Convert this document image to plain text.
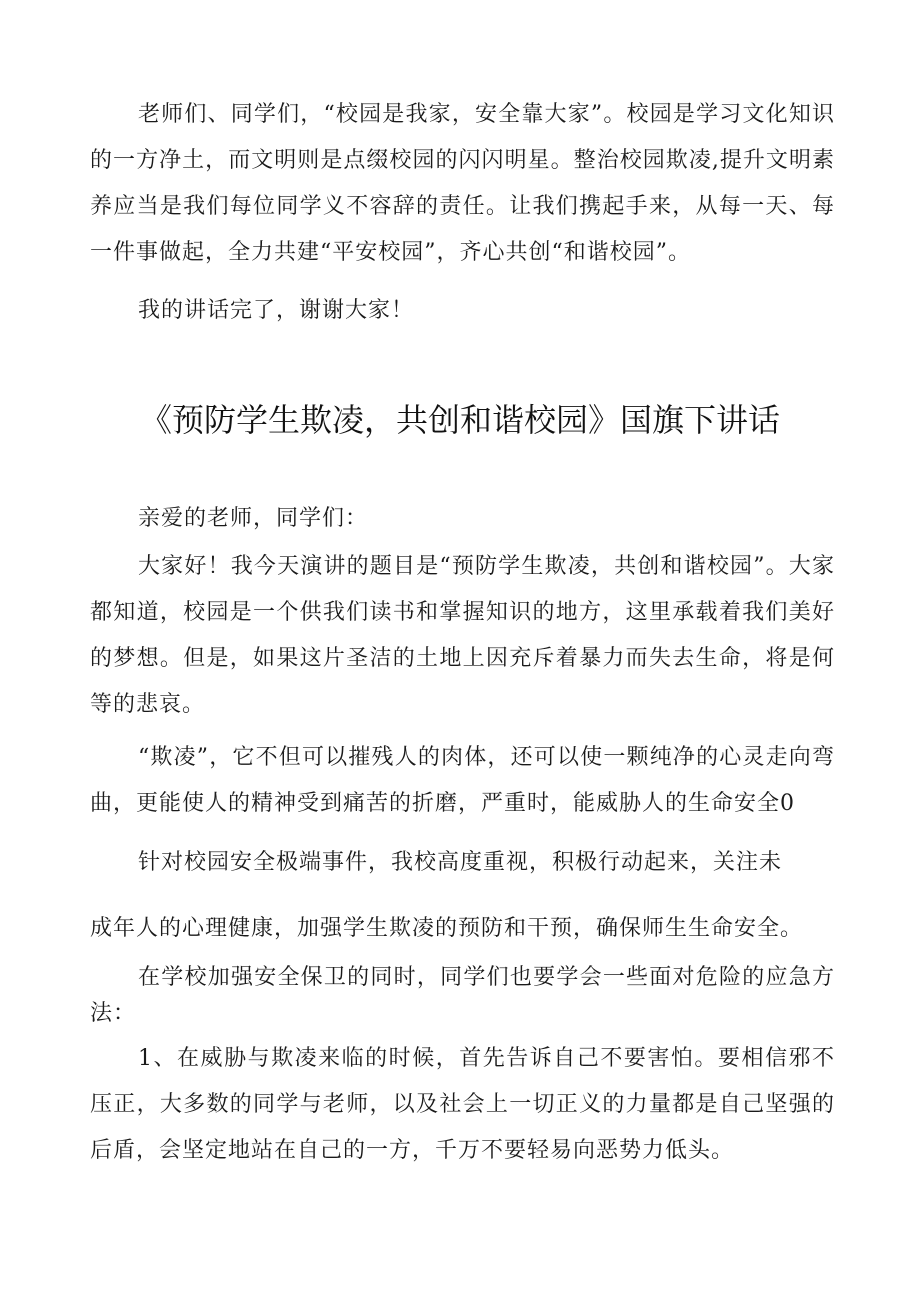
老师们、同学们，“校园是我家，安全靠大家”。校园是学习文化知识的一方净土，而文明则是点缀校园的闪闪明星。整治校园欺凌,提升文明素养应当是我们每位同学义不容辞的责任。让我们携起手来，从每一天、每一件事做起，全力共建“平安校园”，齐心共创“和谐校园”。

我的讲话完了，谢谢大家！

《预防学生欺凌，共创和谐校园》国旗下讲话

亲爱的老师，同学们：

大家好！我今天演讲的题目是“预防学生欺凌，共创和谐校园”。大家都知道，校园是一个供我们读书和掌握知识的地方，这里承载着我们美好的梦想。但是，如果这片圣洁的土地上因充斥着暴力而失去生命，将是何等的悲哀。

“欺凌”，它不但可以摧残人的肉体，还可以使一颗纯净的心灵走向弯曲，更能使人的精神受到痛苦的折磨，严重时，能威胁人的生命安全0

针对校园安全极端事件，我校高度重视，积极行动起来，关注未

成年人的心理健康，加强学生欺凌的预防和干预，确保师生生命安全。

在学校加强安全保卫的同时，同学们也要学会一些面对危险的应急方法：

1、在威胁与欺凌来临的时候，首先告诉自己不要害怕。要相信邪不压正，大多数的同学与老师，以及社会上一切正义的力量都是自己坚强的后盾，会坚定地站在自己的一方，千万不要轻易向恶势力低头。
